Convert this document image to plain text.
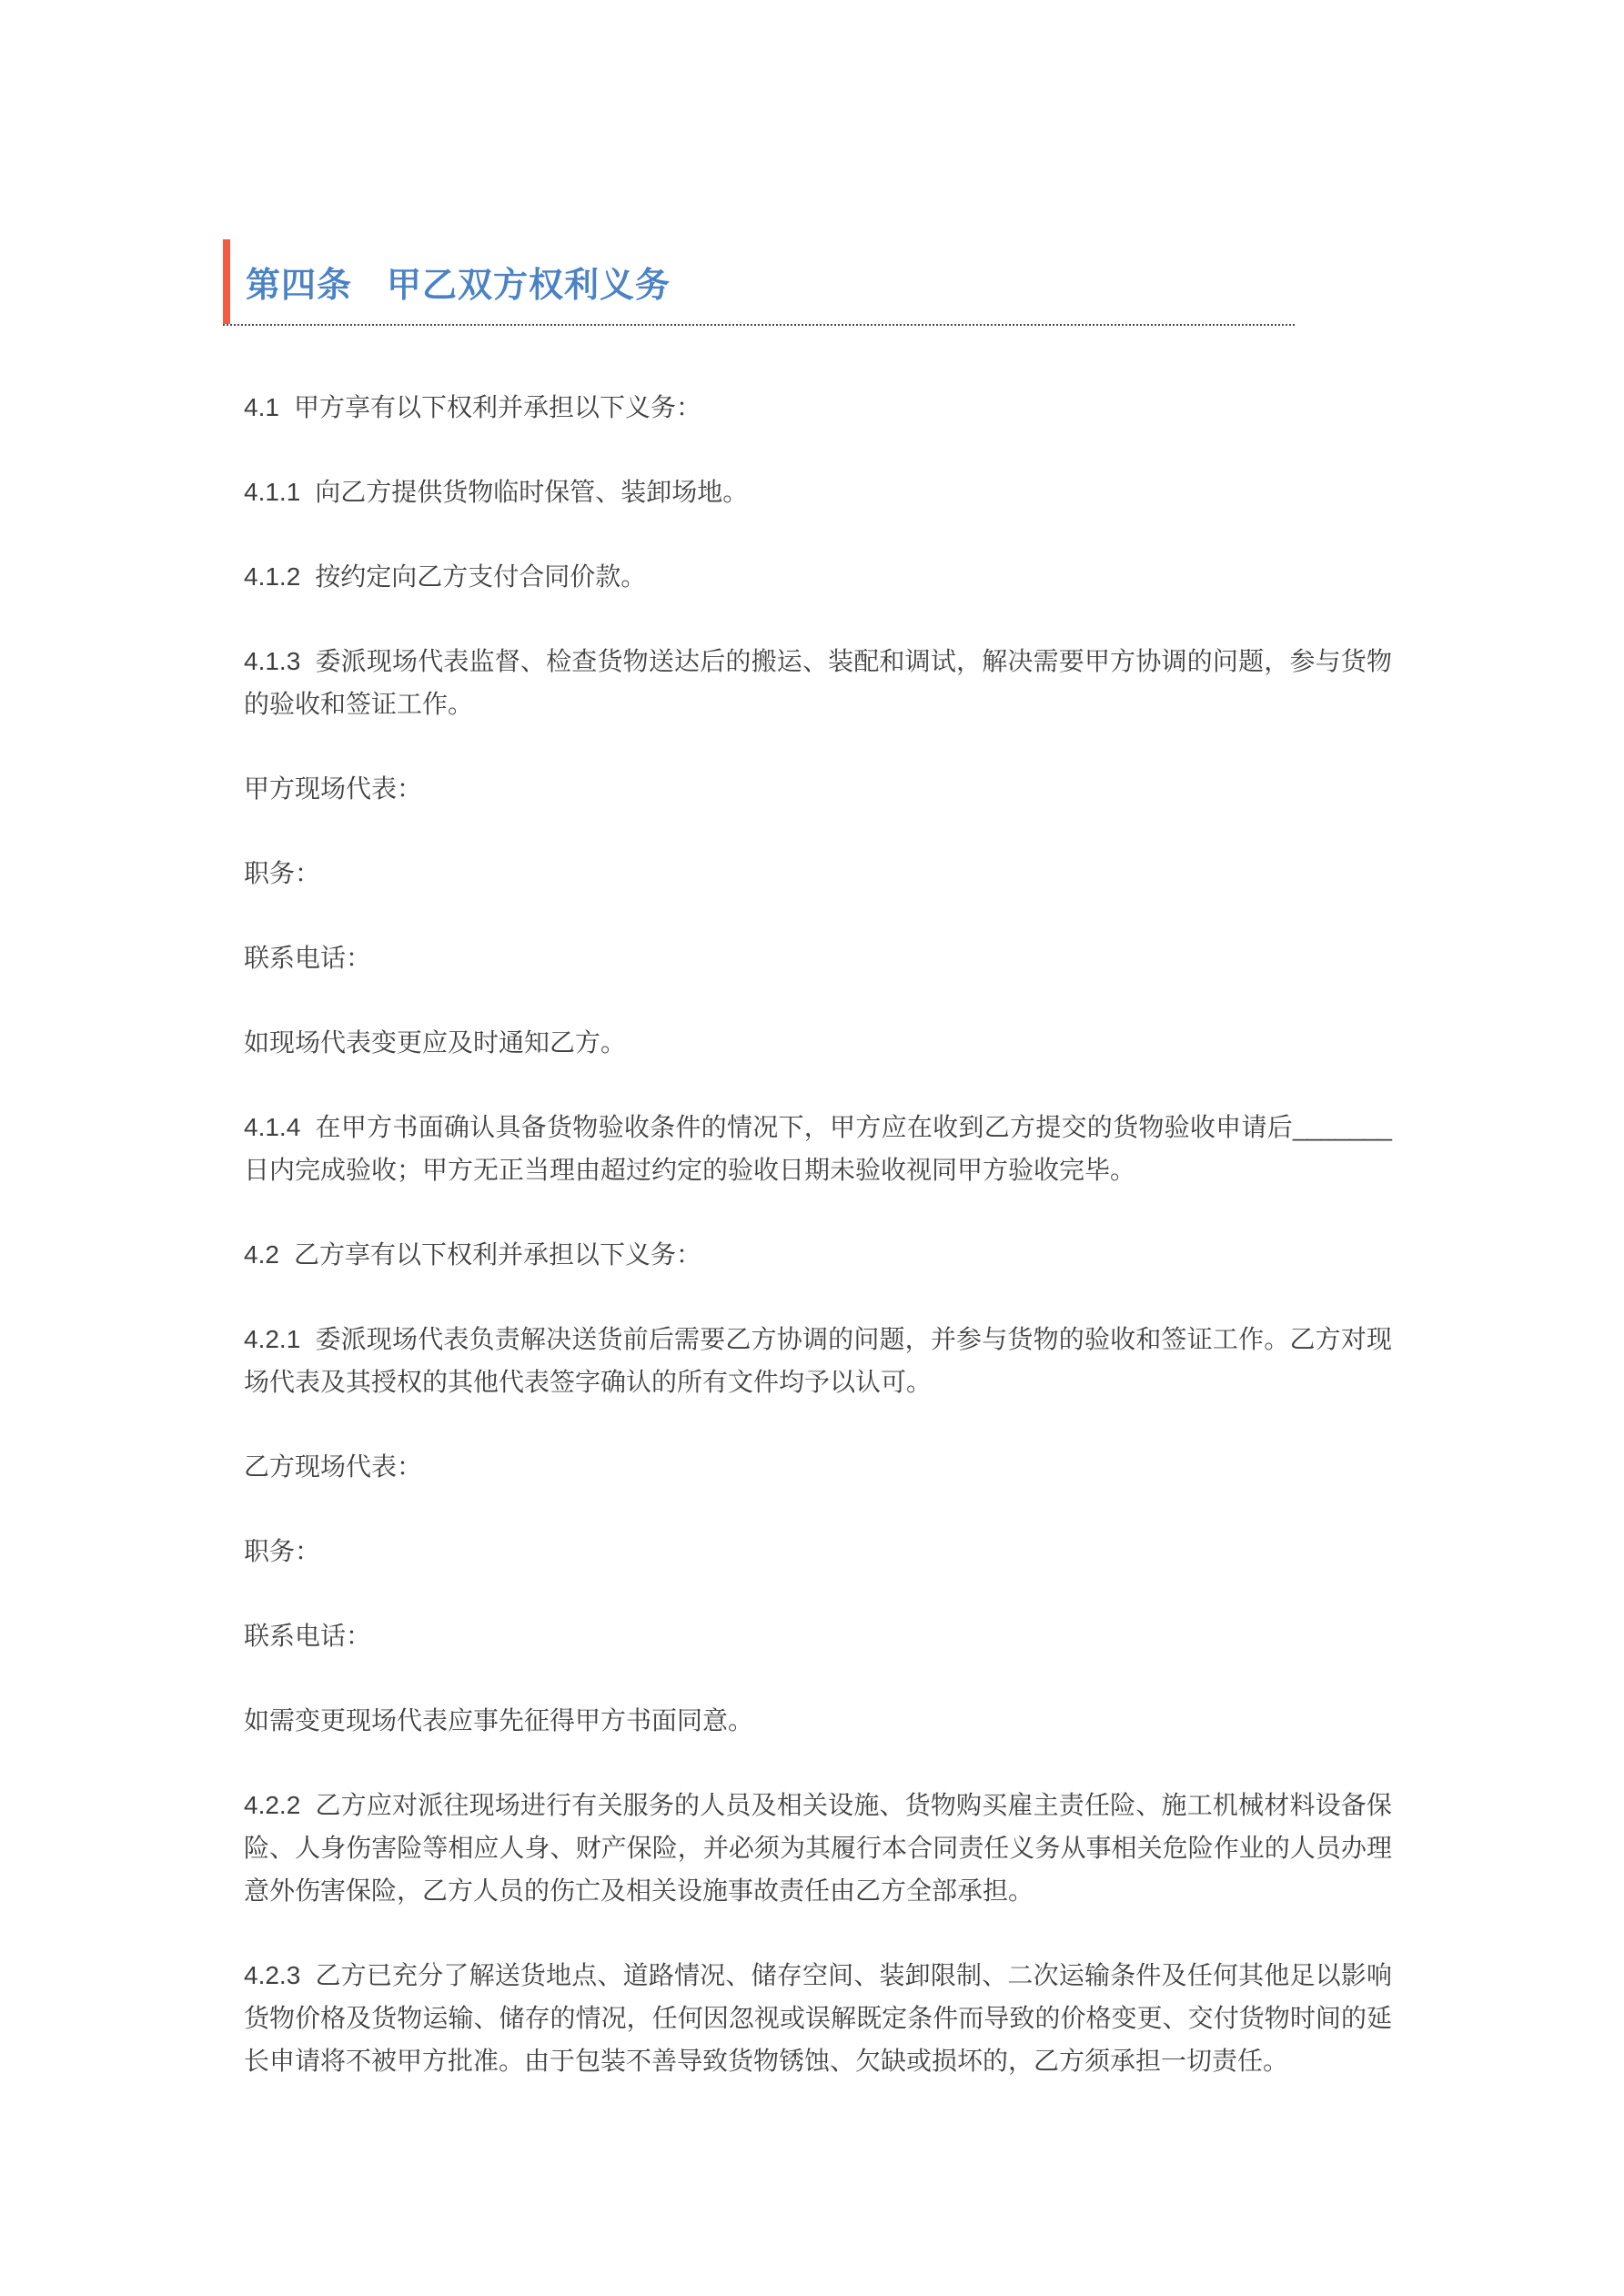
第四条 甲乙双方权利义务

4.1 甲方享有以下权利并承担以下义务：

4.1.1 向乙方提供货物临时保管、装卸场地。

4.1.2 按约定向乙方支付合同价款。

4.1.3 委派现场代表监督、检查货物送达后的搬运、装配和调试，解决需要甲方协调的问题，参与货物的验收和签证工作。

甲方现场代表：

职务：

联系电话：

如现场代表变更应及时通知乙方。

4.1.4 在甲方书面确认具备货物验收条件的情况下，甲方应在收到乙方提交的货物验收申请后_______日内完成验收；甲方无正当理由超过约定的验收日期未验收视同甲方验收完毕。

4.2 乙方享有以下权利并承担以下义务：

4.2.1 委派现场代表负责解决送货前后需要乙方协调的问题，并参与货物的验收和签证工作。乙方对现场代表及其授权的其他代表签字确认的所有文件均予以认可。

乙方现场代表：

职务：

联系电话：

如需变更现场代表应事先征得甲方书面同意。

4.2.2 乙方应对派往现场进行有关服务的人员及相关设施、货物购买雇主责任险、施工机械材料设备保险、人身伤害险等相应人身、财产保险，并必须为其履行本合同责任义务从事相关危险作业的人员办理意外伤害保险，乙方人员的伤亡及相关设施事故责任由乙方全部承担。

4.2.3 乙方已充分了解送货地点、道路情况、储存空间、装卸限制、二次运输条件及任何其他足以影响货物价格及货物运输、储存的情况，任何因忽视或误解既定条件而导致的价格变更、交付货物时间的延长申请将不被甲方批准。由于包装不善导致货物锈蚀、欠缺或损坏的，乙方须承担一切责任。
